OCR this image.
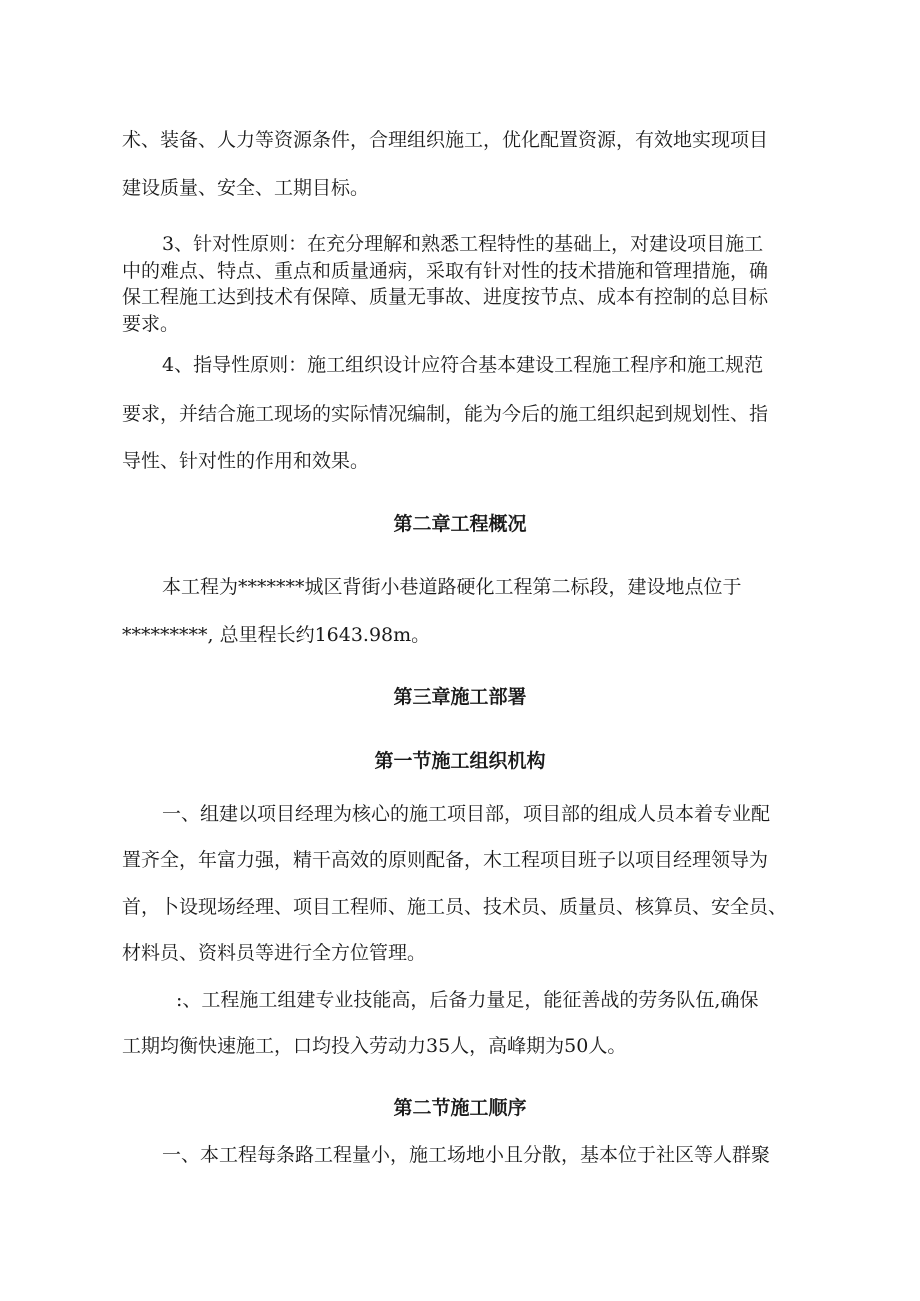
术、装备、人力等资源条件，合理组织施工，优化配置资源，有效地实现项目

建设质量、安全、工期目标。

3、针对性原则：在充分理解和熟悉工程特性的基础上，对建设项目施工

中的难点、特点、重点和质量通病，采取有针对性的技术措施和管理措施，确

保工程施工达到技术有保障、质量无事故、进度按节点、成本有控制的总目标

要求。

4、指导性原则：施工组织设计应符合基本建设工程施工程序和施工规范

要求，并结合施工现场的实际情况编制，能为今后的施工组织起到规划性、指

导性、针对性的作用和效果。

第二章工程概况

本工程为*******城区背街小巷道路硬化工程第二标段，建设地点位于

*********, 总里程长约1643.98m。

第三章施工部署
第一节施工组织机构

一、组建以项目经理为核心的施工项目部，项目部的组成人员本着专业配

置齐全，年富力强，精干高效的原则配备，木工程项目班子以项目经理领导为

首，卜设现场经理、项目工程师、施工员、技术员、质量员、核算员、安全员、

材料员、资料员等进行全方位管理。

:、工程施工组建专业技能高，后备力量足，能征善战的劳务队伍,确保

工期均衡快速施工，口均投入劳动力35人，高峰期为50人。

第二节施工顺序

一、本工程每条路工程量小，施工场地小且分散，基本位于社区等人群聚
